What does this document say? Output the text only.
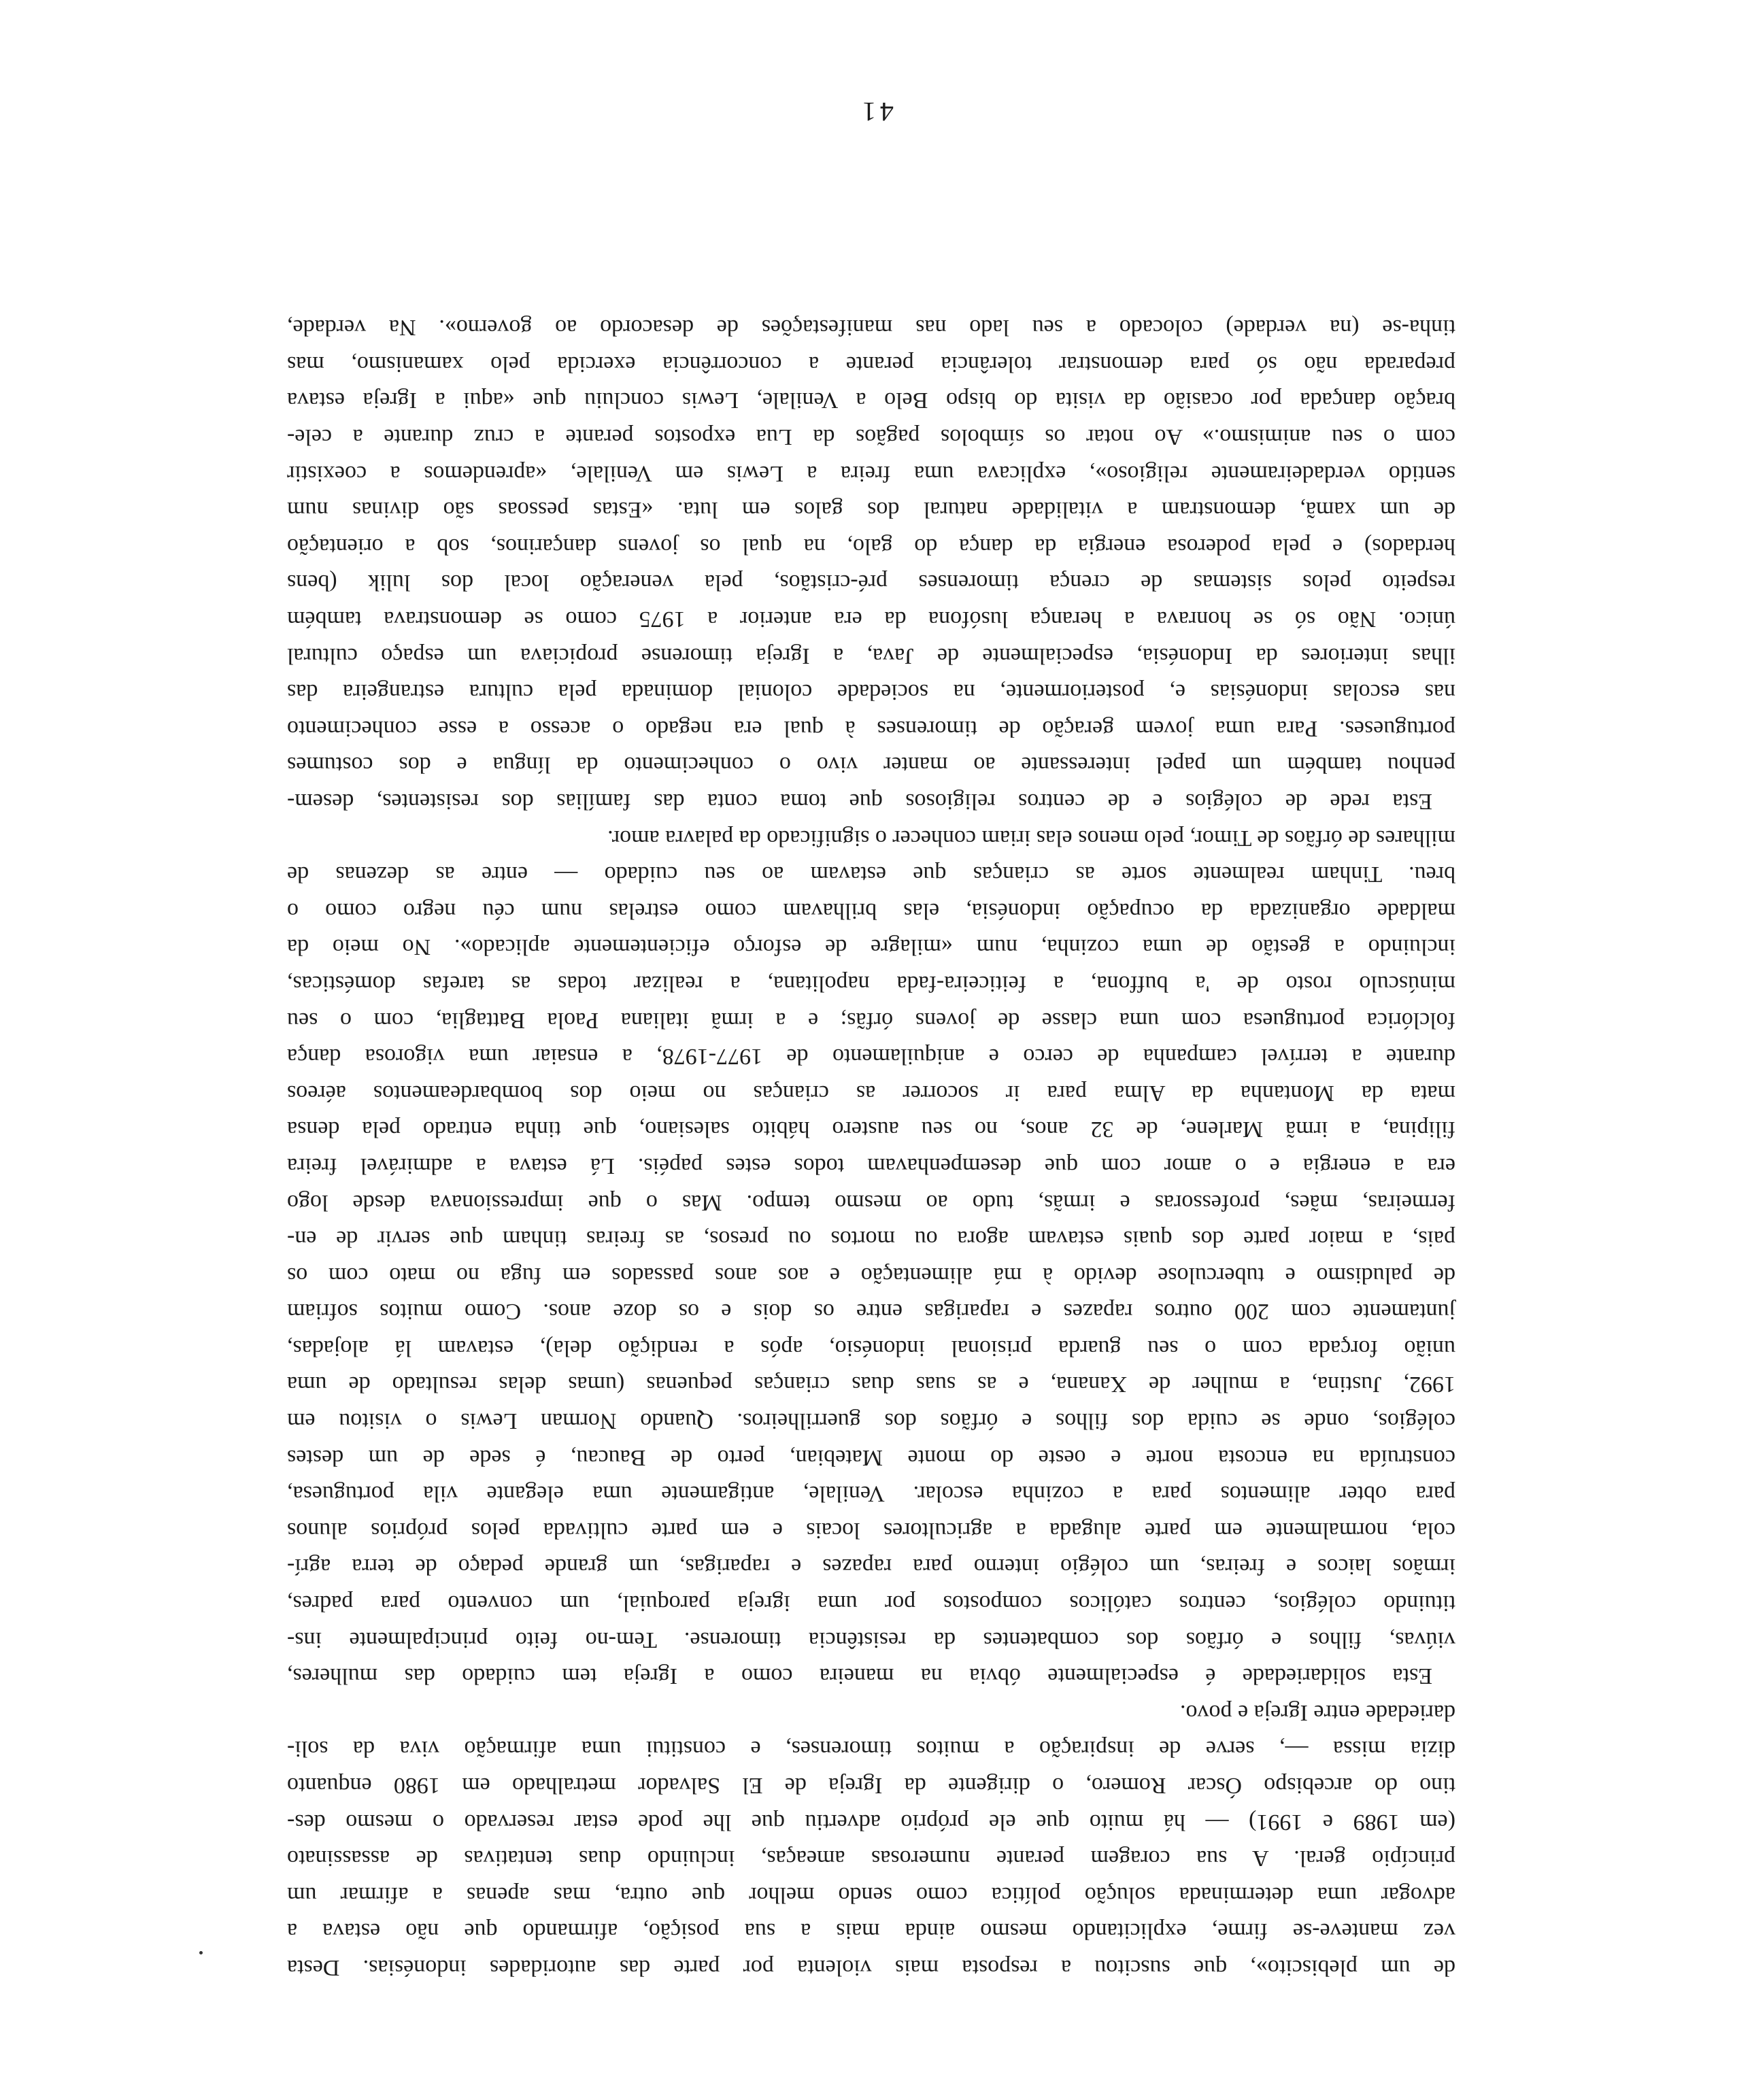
de um plebiscito», que suscitou a resposta mais violenta por parte das autoridades indonésias. Desta
vez manteve-se firme, explicitando mesmo ainda mais a sua posição, afirmando que não estava a
advogar uma determinada solução política como sendo melhor que outra, mas apenas a afirmar um
princípio geral. A sua coragem perante numerosas ameaças, incluindo duas tentativas de assassinato
(em 1989 e 1991) — há muito que ele próprio advertiu que lhe pode estar reservado o mesmo des-
tino do arcebispo Óscar Romero, o dirigente da Igreja de El Salvador metralhado em 1980 enquanto
dizia missa —, serve de inspiração a muitos timorenses, e constitui uma afirmação viva da soli-
dariedade entre Igreja e povo.
Esta solidariedade é especialmente óbvia na maneira como a Igreja tem cuidado das mulheres,
viúvas, filhos e órfãos dos combatentes da resistência timorense. Tem-no feito principalmente ins-
tituindo colégios, centros católicos compostos por uma igreja paroquial, um convento para padres,
irmãos laicos e freiras, um colégio interno para rapazes e raparigas, um grande pedaço de terra agrí-
cola, normalmente em parte alugada a agricultores locais e em parte cultivada pelos próprios alunos
para obter alimentos para a cozinha escolar. Venilale, antigamente uma elegante vila portuguesa,
construída na encosta norte e oeste do monte Matebian, perto de Baucau, é sede de um destes
colégios, onde se cuida dos filhos e órfãos dos guerrilheiros. Quando Norman Lewis o visitou em
1992, Justina, a mulher de Xanana, e as suas duas crianças pequenas (umas delas resultado de uma
união forçada com o seu guarda prisional indonésio, após a rendição dela), estavam lá alojadas,
juntamente com 200 outros rapazes e raparigas entre os dois e os doze anos. Como muitos sofriam
de paludismo e tuberculose devido à má alimentação e aos anos passados em fuga no mato com os
pais, a maior parte dos quais estavam agora ou mortos ou presos, as freiras tinham que servir de en-
fermeiras, mães, professoras e irmãs, tudo ao mesmo tempo. Mas o que impressionava desde logo
era a energia e o amor com que desempenhavam todos estes papéis. Lá estava a admirável freira
filipina, a irmã Marlene, de 32 anos, no seu austero hábito salesiano, que tinha entrado pela densa
mata da Montanha da Alma para ir socorrer as crianças no meio dos bombardeamentos aéreos
durante a terrível campanha de cerco e aniquilamento de 1977-1978, a ensaiar uma vigorosa dança
folclórica portuguesa com uma classe de jovens órfãs; e a irmã italiana Paola Battaglia, com o seu
minúsculo rosto de 'a buffona, a feiticeira-fada napolitana, a realizar todas as tarefas domésticas,
incluindo a gestão de uma cozinha, num «milagre de esforço eficientemente aplicado». No meio da
maldade organizada da ocupação indonésia, elas brilhavam como estrelas num céu negro como o
breu. Tinham realmente sorte as crianças que estavam ao seu cuidado — entre as dezenas de
milhares de órfãos de Timor, pelo menos elas iriam conhecer o significado da palavra amor.
Esta rede de colégios e de centros religiosos que toma conta das famílias dos resistentes, desem-
penhou também um papel interessante ao manter vivo o conhecimento da língua e dos costumes
portugueses. Para uma jovem geração de timorenses à qual era negado o acesso a esse conhecimento
nas escolas indonésias e, posteriormente, na sociedade colonial dominada pela cultura estrangeira das
ilhas interiores da Indonésia, especialmente de Java, a Igreja timorense propiciava um espaço cultural
único. Não só se honrava a herança lusófona da era anterior a 1975 como se demonstrava também
respeito pelos sistemas de crença timorenses pré-cristãos, pela veneração local dos lulik (bens
herdados) e pela poderosa energia da dança do galo, na qual os jovens dançarinos, sob a orientação
de um xamã, demonstram a vitalidade natural dos galos em luta. «Estas pessoas são divinas num
sentido verdadeiramente religioso», explicava uma freira a Lewis em Venilale, «aprendemos a coexistir
com o seu animismo.» Ao notar os símbolos pagãos da Lua expostos perante a cruz durante a cele-
bração dançada por ocasião da visita do bispo Belo a Venilale, Lewis concluiu que «aqui a Igreja estava
preparada não só para demonstrar tolerância perante a concorrência exercida pelo xamanismo, mas
tinha-se (na verdade) colocado a seu lado nas manifestações de desacordo ao governo». Na verdade,
41
